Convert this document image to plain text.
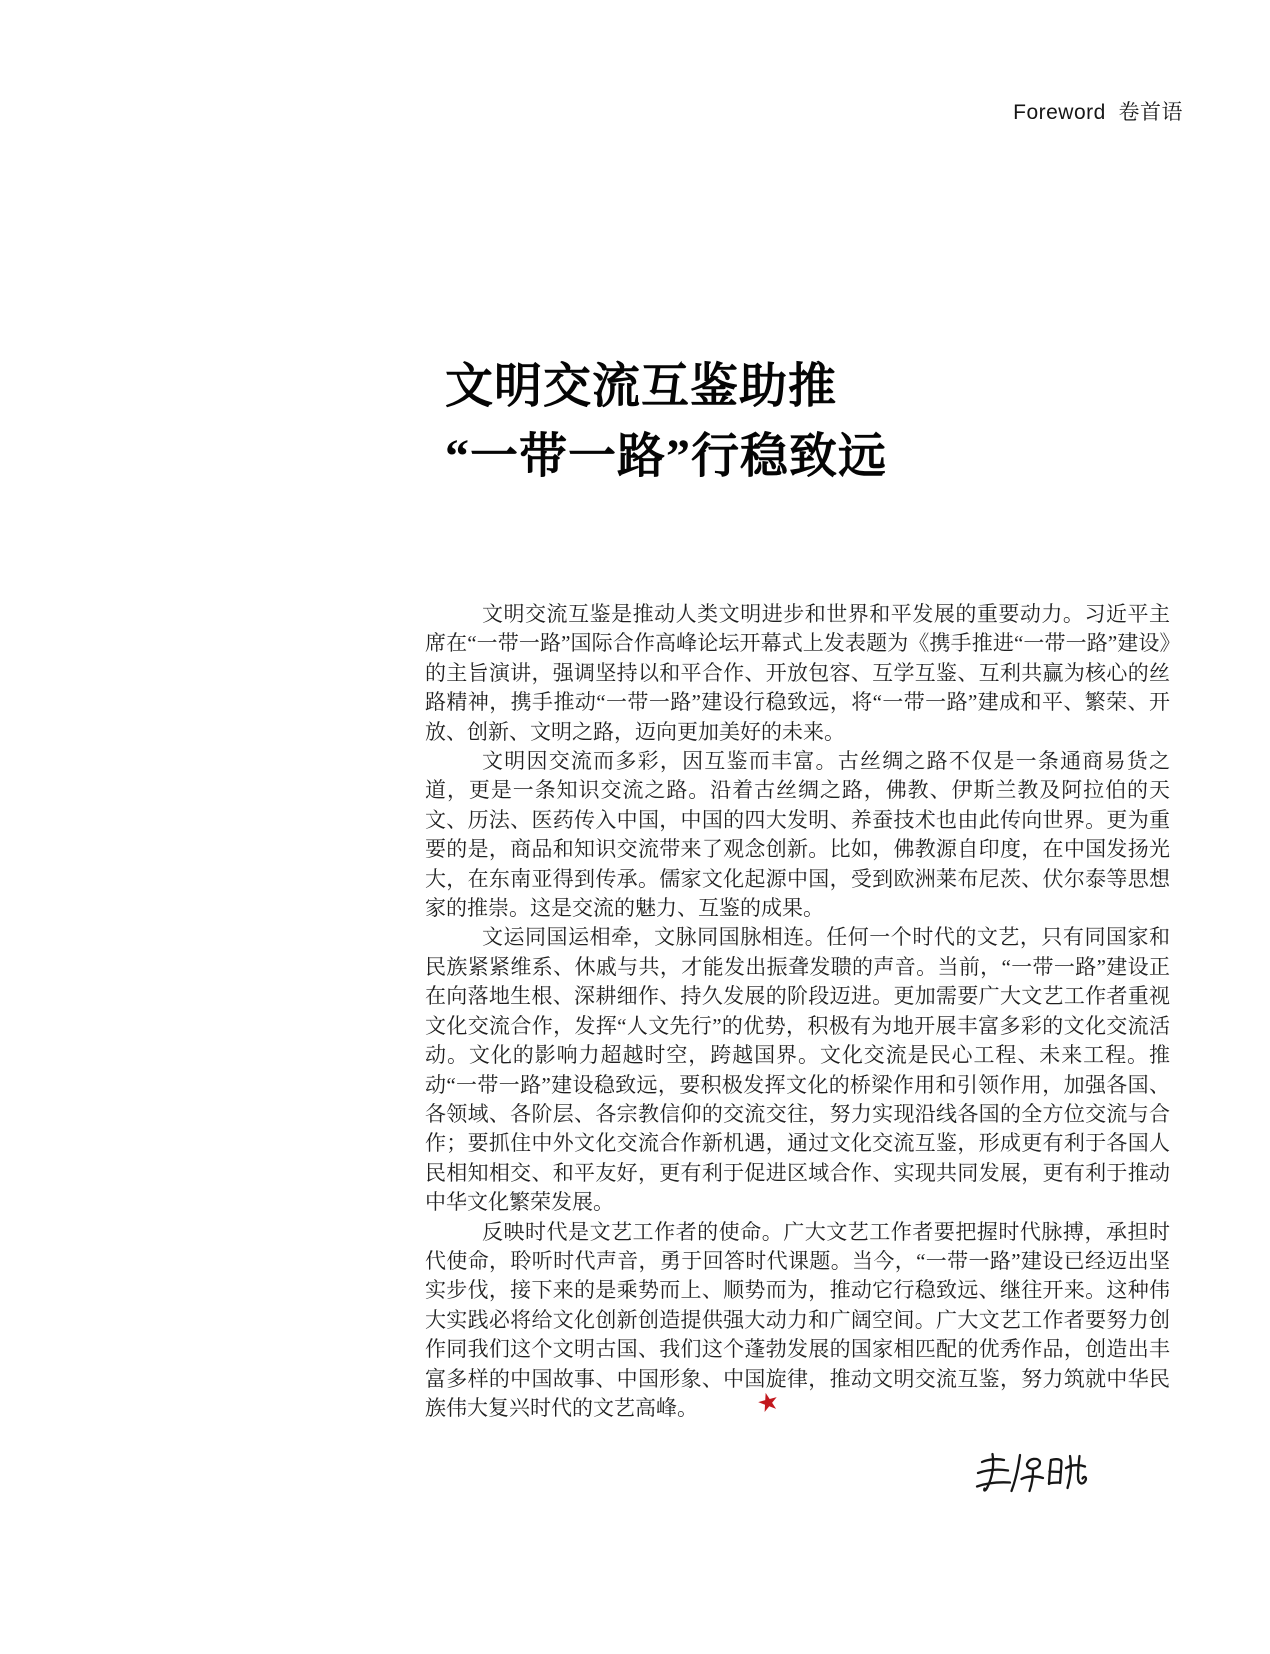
Foreword  卷首语

文明交流互鉴助推
“一带一路”行稳致远

文明交流互鉴是推动人类文明进步和世界和平发展的重要动力。习近平主席在“一带一路”国际合作高峰论坛开幕式上发表题为《携手推进“一带一路”建设》的主旨演讲，强调坚持以和平合作、开放包容、互学互鉴、互利共赢为核心的丝路精神，携手推动“一带一路”建设行稳致远，将“一带一路”建成和平、繁荣、开放、创新、文明之路，迈向更加美好的未来。

文明因交流而多彩，因互鉴而丰富。古丝绸之路不仅是一条通商易货之道，更是一条知识交流之路。沿着古丝绸之路，佛教、伊斯兰教及阿拉伯的天文、历法、医药传入中国，中国的四大发明、养蚕技术也由此传向世界。更为重要的是，商品和知识交流带来了观念创新。比如，佛教源自印度，在中国发扬光大，在东南亚得到传承。儒家文化起源中国，受到欧洲莱布尼茨、伏尔泰等思想家的推崇。这是交流的魅力、互鉴的成果。

文运同国运相牵，文脉同国脉相连。任何一个时代的文艺，只有同国家和民族紧紧维系、休戚与共，才能发出振聋发聩的声音。当前，“一带一路”建设正在向落地生根、深耕细作、持久发展的阶段迈进。更加需要广大文艺工作者重视文化交流合作，发挥“人文先行”的优势，积极有为地开展丰富多彩的文化交流活动。文化的影响力超越时空，跨越国界。文化交流是民心工程、未来工程。推动“一带一路”建设稳致远，要积极发挥文化的桥梁作用和引领作用，加强各国、各领域、各阶层、各宗教信仰的交流交往，努力实现沿线各国的全方位交流与合作；要抓住中外文化交流合作新机遇，通过文化交流互鉴，形成更有利于各国人民相知相交、和平友好，更有利于促进区域合作、实现共同发展，更有利于推动中华文化繁荣发展。

反映时代是文艺工作者的使命。广大文艺工作者要把握时代脉搏，承担时代使命，聆听时代声音，勇于回答时代课题。当今，“一带一路”建设已经迈出坚实步伐，接下来的是乘势而上、顺势而为，推动它行稳致远、继往开来。这种伟大实践必将给文化创新创造提供强大动力和广阔空间。广大文艺工作者要努力创作同我们这个文明古国、我们这个蓬勃发展的国家相匹配的优秀作品，创造出丰富多样的中国故事、中国形象、中国旋律，推动文明交流互鉴，努力筑就中华民族伟大复兴时代的文艺高峰。 ★
